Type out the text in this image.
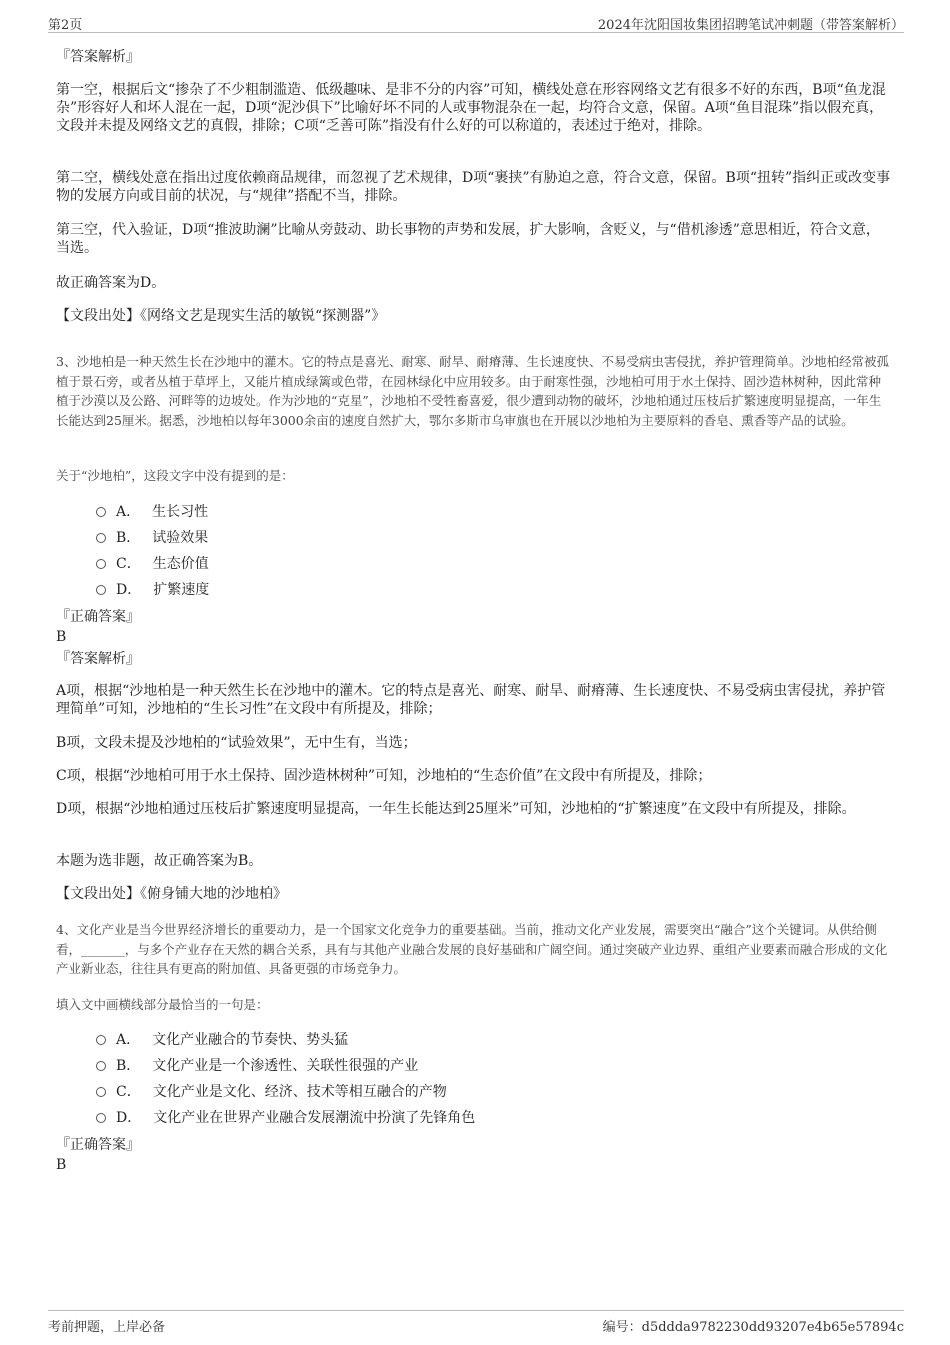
第2页	2024年沈阳国妆集团招聘笔试冲刺题（带答案解析）
『答案解析』

第一空，根据后文“掺杂了不少粗制滥造、低级趣味、是非不分的内容”可知，横线处意在形容网络文艺有很多不好的东西，B项“鱼龙混杂”形容好人和坏人混在一起，D项“泥沙俱下”比喻好坏不同的人或事物混杂在一起，均符合文意，保留。A项“鱼目混珠”指以假充真，文段并未提及网络文艺的真假，排除；C项“乏善可陈”指没有什么好的可以称道的，表述过于绝对，排除。

第二空，横线处意在指出过度依赖商品规律，而忽视了艺术规律，D项“裹挟”有胁迫之意，符合文意，保留。B项“扭转”指纠正或改变事物的发展方向或目前的状况，与“规律”搭配不当，排除。

第三空，代入验证，D项“推波助澜”比喻从旁鼓动、助长事物的声势和发展，扩大影响，含贬义，与“借机渗透”意思相近，符合文意，当选。

故正确答案为D。

【文段出处】《网络文艺是现实生活的敏锐“探测器”》

3、沙地柏是一种天然生长在沙地中的灌木。它的特点是喜光、耐寒、耐旱、耐瘠薄、生长速度快、不易受病虫害侵扰，养护管理简单。沙地柏经常被孤植于景石旁，或者丛植于草坪上，又能片植成绿篱或色带，在园林绿化中应用较多。由于耐寒性强，沙地柏可用于水土保持、固沙造林树种，因此常种植于沙漠以及公路、河畔等的边坡处。作为沙地的“克星”，沙地柏不受牲畜喜爱，很少遭到动物的破坏，沙地柏通过压枝后扩繁速度明显提高，一年生长能达到25厘米。据悉，沙地柏以每年3000余亩的速度自然扩大，鄂尔多斯市乌审旗也在开展以沙地柏为主要原料的香皂、熏香等产品的试验。

关于“沙地柏”，这段文字中没有提到的是：

A． 生长习性
B． 试验效果
C． 生态价值
D． 扩繁速度
『正确答案』
B
『答案解析』

A项，根据“沙地柏是一种天然生长在沙地中的灌木。它的特点是喜光、耐寒、耐旱、耐瘠薄、生长速度快、不易受病虫害侵扰，养护管理简单”可知，沙地柏的“生长习性”在文段中有所提及，排除；

B项，文段未提及沙地柏的“试验效果”，无中生有，当选；

C项，根据“沙地柏可用于水土保持、固沙造林树种”可知，沙地柏的“生态价值”在文段中有所提及，排除；

D项，根据“沙地柏通过压枝后扩繁速度明显提高，一年生长能达到25厘米”可知，沙地柏的“扩繁速度”在文段中有所提及，排除。

本题为选非题，故正确答案为B。

【文段出处】《俯身铺大地的沙地柏》

4、文化产业是当今世界经济增长的重要动力，是一个国家文化竞争力的重要基础。当前，推动文化产业发展，需要突出“融合”这个关键词。从供给侧看，_______，与多个产业存在天然的耦合关系，具有与其他产业融合发展的良好基础和广阔空间。通过突破产业边界、重组产业要素而融合形成的文化产业新业态，往往具有更高的附加值、具备更强的市场竞争力。

填入文中画横线部分最恰当的一句是：

A． 文化产业融合的节奏快、势头猛
B． 文化产业是一个渗透性、关联性很强的产业
C． 文化产业是文化、经济、技术等相互融合的产物
D． 文化产业在世界产业融合发展潮流中扮演了先锋角色
『正确答案』
B
考前押题，上岸必备	编号：d5ddda9782230dd93207e4b65e57894c
